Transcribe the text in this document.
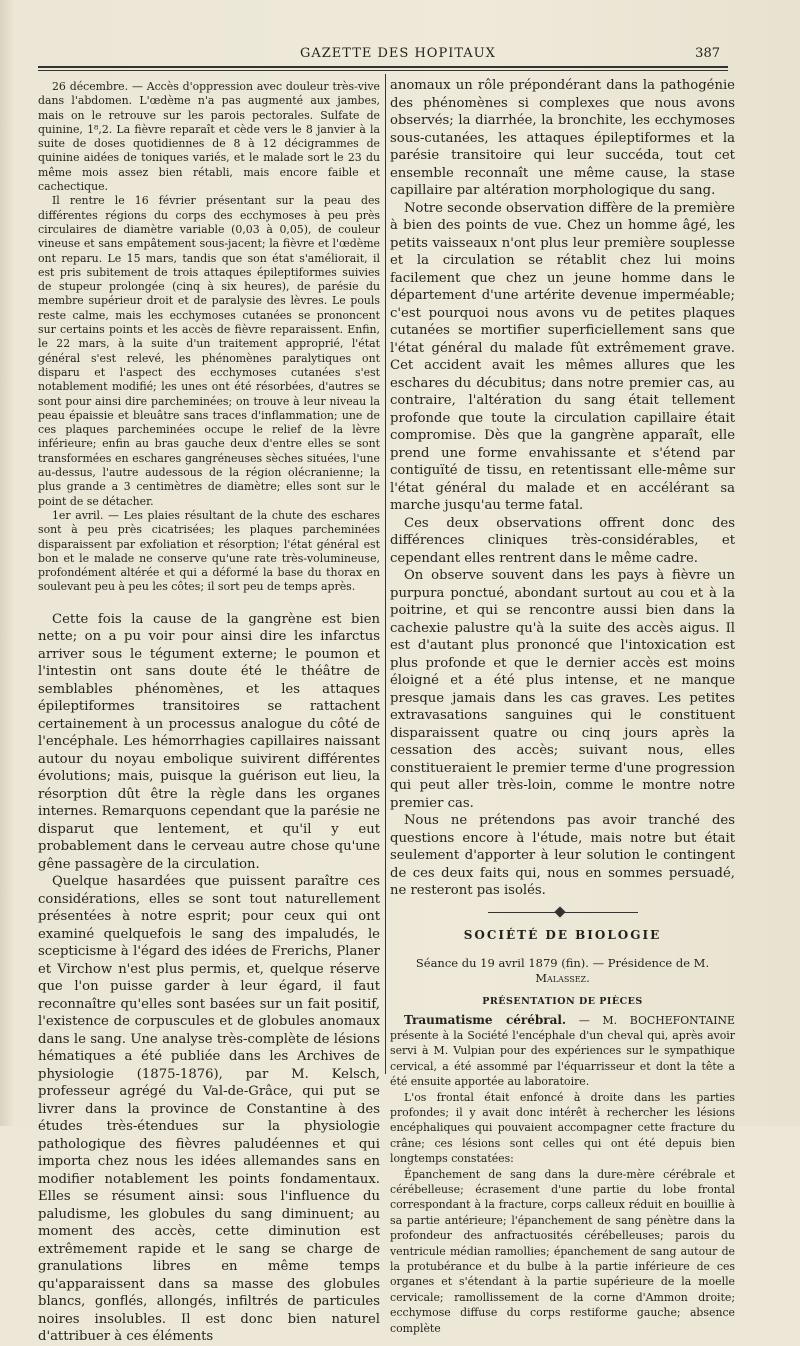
GAZETTE DES HOPITAUX	387

26 décembre. — Accès d'oppression avec douleur très-vive dans l'abdomen. L'œdème n'a pas augmenté aux jambes, mais on le retrouve sur les parois pectorales. Sulfate de quinine, 1⁸,2. La fièvre reparaît et cède vers le 8 janvier à la suite de doses quotidiennes de 8 à 12 décigrammes de quinine aidées de toniques variés, et le malade sort le 23 du même mois assez bien rétabli, mais encore faible et cachectique.

Il rentre le 16 février présentant sur la peau des différentes régions du corps des ecchymoses à peu près circulaires de diamètre variable (0,03 à 0,05), de couleur vineuse et sans empâtement sous-jacent; la fièvre et l'œdème ont reparu. Le 15 mars, tandis que son état s'améliorait, il est pris subitement de trois attaques épileptiformes suivies de stupeur prolongée (cinq à six heures), de parésie du membre supérieur droit et de paralysie des lèvres. Le pouls reste calme, mais les ecchymoses cutanées se prononcent sur certains points et les accès de fièvre reparaissent. Enfin, le 22 mars, à la suite d'un traitement approprié, l'état général s'est relevé, les phénomènes paralytiques ont disparu et l'aspect des ecchymoses cutanées s'est notablement modifié; les unes ont été résorbées, d'autres se sont pour ainsi dire parcheminées; on trouve à leur niveau la peau épaissie et bleuâtre sans traces d'inflammation; une de ces plaques parcheminées occupe le relief de la lèvre inférieure; enfin au bras gauche deux d'entre elles se sont transformées en eschares gangréneuses sèches situées, l'une au-dessus, l'autre audessous de la région olécranienne; la plus grande a 3 centimètres de diamètre; elles sont sur le point de se détacher.

1er avril. — Les plaies résultant de la chute des eschares sont à peu près cicatrisées; les plaques parcheminées disparaissent par exfoliation et résorption; l'état général est bon et le malade ne conserve qu'une rate très-volumineuse, profondément altérée et qui a déformé la base du thorax en soulevant peu à peu les côtes; il sort peu de temps après.

Cette fois la cause de la gangrène est bien nette; on a pu voir pour ainsi dire les infarctus arriver sous le tégument externe; le poumon et l'intestin ont sans doute été le théâtre de semblables phénomènes, et les attaques épileptiformes transitoires se rattachent certainement à un processus analogue du côté de l'encéphale. Les hémorrhagies capillaires naissant autour du noyau embolique suivirent différentes évolutions; mais, puisque la guérison eut lieu, la résorption dût être la règle dans les organes internes. Remarquons cependant que la parésie ne disparut que lentement, et qu'il y eut probablement dans le cerveau autre chose qu'une gêne passagère de la circulation.

Quelque hasardées que puissent paraître ces considérations, elles se sont tout naturellement présentées à notre esprit; pour ceux qui ont examiné quelquefois le sang des impaludés, le scepticisme à l'égard des idées de Frerichs, Planer et Virchow n'est plus permis, et, quelque réserve que l'on puisse garder à leur égard, il faut reconnaître qu'elles sont basées sur un fait positif, l'existence de corpuscules et de globules anomaux dans le sang. Une analyse très-complète de lésions hématiques a été publiée dans les Archives de physiologie (1875-1876), par M. Kelsch, professeur agrégé du Val-de-Grâce, qui put se livrer dans la province de Constantine à des études très-étendues sur la physiologie pathologique des fièvres paludéennes et qui importa chez nous les idées allemandes sans en modifier notablement les points fondamentaux. Elles se résument ainsi: sous l'influence du paludisme, les globules du sang diminuent; au moment des accès, cette diminution est extrêmement rapide et le sang se charge de granulations libres en même temps qu'apparaissent dans sa masse des globules blancs, gonflés, allongés, infiltrés de particules noires insolubles. Il est donc bien naturel d'attribuer à ces éléments

anomaux un rôle prépondérant dans la pathogénie des phénomènes si complexes que nous avons observés; la diarrhée, la bronchite, les ecchymoses sous-cutanées, les attaques épileptiformes et la parésie transitoire qui leur succéda, tout cet ensemble reconnaît une même cause, la stase capillaire par altération morphologique du sang.

Notre seconde observation diffère de la première à bien des points de vue. Chez un homme âgé, les petits vaisseaux n'ont plus leur première souplesse et la circulation se rétablit chez lui moins facilement que chez un jeune homme dans le département d'une artérite devenue imperméable; c'est pourquoi nous avons vu de petites plaques cutanées se mortifier superficiellement sans que l'état général du malade fût extrêmement grave. Cet accident avait les mêmes allures que les eschares du décubitus; dans notre premier cas, au contraire, l'altération du sang était tellement profonde que toute la circulation capillaire était compromise. Dès que la gangrène apparaît, elle prend une forme envahissante et s'étend par contiguïté de tissu, en retentissant elle-même sur l'état général du malade et en accélérant sa marche jusqu'au terme fatal.

Ces deux observations offrent donc des différences cliniques très-considérables, et cependant elles rentrent dans le même cadre.

On observe souvent dans les pays à fièvre un purpura ponctué, abondant surtout au cou et à la poitrine, et qui se rencontre aussi bien dans la cachexie palustre qu'à la suite des accès aigus. Il est d'autant plus prononcé que l'intoxication est plus profonde et que le dernier accès est moins éloigné et a été plus intense, et ne manque presque jamais dans les cas graves. Les petites extravasations sanguines qui le constituent disparaissent quatre ou cinq jours après la cessation des accès; suivant nous, elles constitueraient le premier terme d'une progression qui peut aller très-loin, comme le montre notre premier cas.

Nous ne prétendons pas avoir tranché des questions encore à l'étude, mais notre but était seulement d'apporter à leur solution le contingent de ces deux faits qui, nous en sommes persuadé, ne resteront pas isolés.

SOCIÉTÉ DE BIOLOGIE
Séance du 19 avril 1879 (fin). — Présidence de M. Malassez.
PRÉSENTATION DE PIÈCES

Traumatisme cérébral. — M. BOCHEFONTAINE présente à la Société l'encéphale d'un cheval qui, après avoir servi à M. Vulpian pour des expériences sur le sympathique cervical, a été assommé par l'équarrisseur et dont la tête a été ensuite apportée au laboratoire.

L'os frontal était enfoncé à droite dans les parties profondes; il y avait donc intérêt à rechercher les lésions encéphaliques qui pouvaient accompagner cette fracture du crâne; ces lésions sont celles qui ont été depuis bien longtemps constatées:

Épanchement de sang dans la dure-mère cérébrale et cérébelleuse; écrasement d'une partie du lobe frontal correspondant à la fracture, corps calleux réduit en bouillie à sa partie antérieure; l'épanchement de sang pénètre dans la profondeur des anfractuosités cérébelleuses; parois du ventricule médian ramollies; épanchement de sang autour de la protubérance et du bulbe à la partie inférieure de ces organes et s'étendant à la partie supérieure de la moelle cervicale; ramollissement de la corne d'Ammon droite; ecchymose diffuse du corps restiforme gauche; absence complète
